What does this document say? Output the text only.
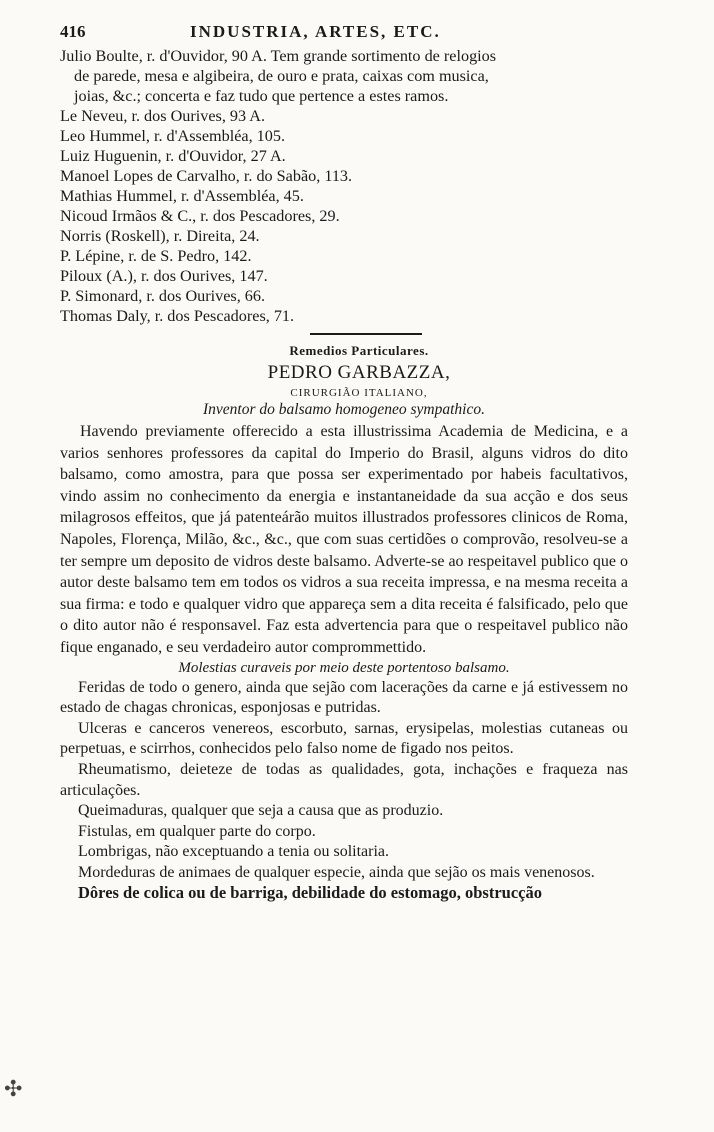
416	INDUSTRIA, ARTES, ETC.
Julio Boulte, r. d'Ouvidor, 90 A. Tem grande sortimento de relogios
de parede, mesa e algibeira, de ouro e prata, caixas com musica,
joias, &c.; concerta e faz tudo que pertence a estes ramos.
Le Neveu, r. dos Ourives, 93 A.
Leo Hummel, r. d'Assembléa, 105.
Luiz Huguenin, r. d'Ouvidor, 27 A.
Manoel Lopes de Carvalho, r. do Sabão, 113.
Mathias Hummel, r. d'Assembléa, 45.
Nicoud Irmãos & C., r. dos Pescadores, 29.
Norris (Roskell), r. Direita, 24.
P. Lépine, r. de S. Pedro, 142.
Piloux (A.), r. dos Ourives, 147.
P. Simonard, r. dos Ourives, 66.
Thomas Daly, r. dos Pescadores, 71.
Remedios Particulares.
PEDRO GARBAZZA,
CIRURGIÃO ITALIANO,
Inventor do balsamo homogeneo sympathico.

Havendo previamente offerecido a esta illustrissima Academia de Medicina, e a varios senhores professores da capital do Imperio do Brasil, alguns vidros do dito balsamo, como amostra, para que possa ser experimentado por habeis facultativos, vindo assim no conhecimento da energia e instantaneidade da sua acção e dos seus milagrosos effeitos, que já patenteárão muitos illustrados professores clinicos de Roma, Napoles, Florença, Milão, &c., &c., que com suas certidões o comprovão, resolveu-se a ter sempre um deposito de vidros deste balsamo. Adverte-se ao respeitavel publico que o autor deste balsamo tem em todos os vidros a sua receita impressa, e na mesma receita a sua firma: e todo e qualquer vidro que appareça sem a dita receita é falsificado, pelo que o dito autor não é responsavel. Faz esta advertencia para que o respeitavel publico não fique enganado, e seu verdadeiro autor comprommettido.

Molestias curaveis por meio deste portentoso balsamo.

Feridas de todo o genero, ainda que sejão com lacerações da carne e já estivessem no estado de chagas chronicas, esponjosas e putridas.

Ulceras e canceros venereos, escorbuto, sarnas, erysipelas, molestias cutaneas ou perpetuas, e scirrhos, conhecidos pelo falso nome de figado nos peitos.

Rheumatismo, deieteze de todas as qualidades, gota, inchações e fraqueza nas articulações.

Queimaduras, qualquer que seja a causa que as produzio.

Fistulas, em qualquer parte do corpo.

Lombrigas, não exceptuando a tenia ou solitaria.

Mordeduras de animaes de qualquer especie, ainda que sejão os mais venenosos.

Dôres de colica ou de barriga, debilidade do estomago, obstrucção

✣
